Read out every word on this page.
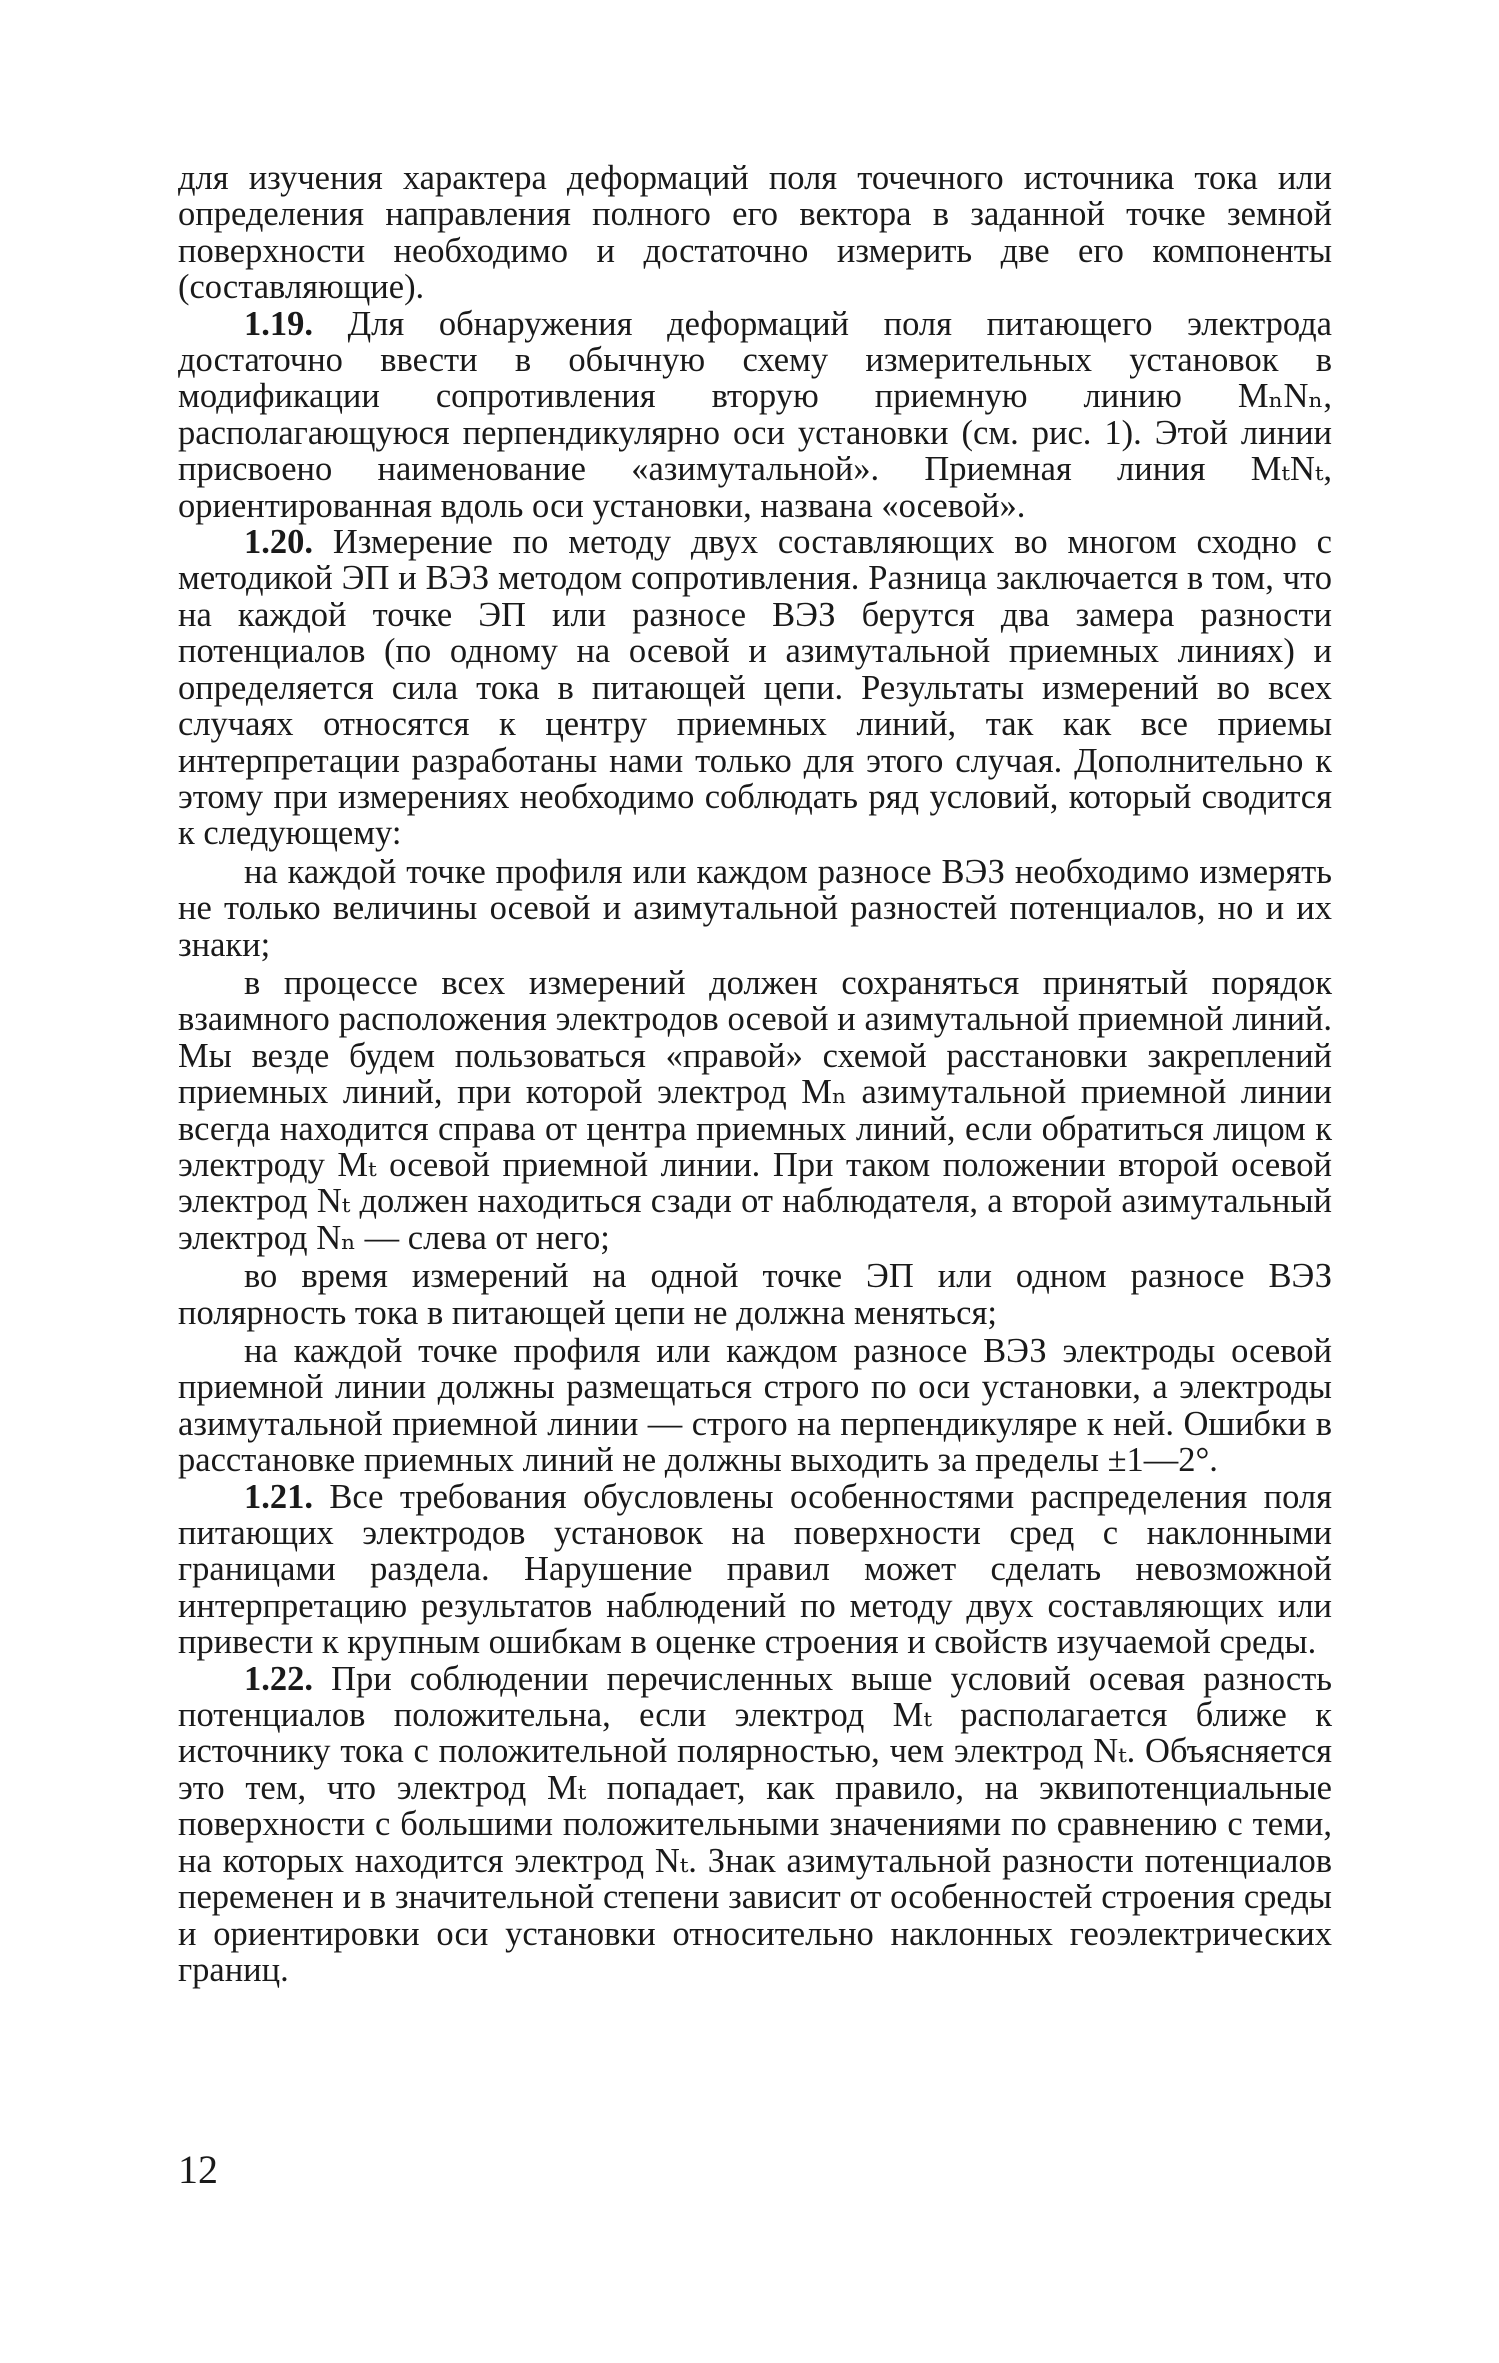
для изучения характера деформаций поля точечного источника тока или определения направления полного его вектора в заданной точке земной поверхности необходимо и достаточно измерить две его компоненты (составляющие).

1.19. Для обнаружения деформаций поля питающего электрода достаточно ввести в обычную схему измерительных установок в модификации сопротивления вторую приемную линию MₙNₙ, располагающуюся перпендикулярно оси установки (см. рис. 1). Этой линии присвоено наименование «азимутальной». Приемная линия MₜNₜ, ориентированная вдоль оси установки, названа «осевой».

1.20. Измерение по методу двух составляющих во многом сходно с методикой ЭП и ВЭЗ методом сопротивления. Разница заключается в том, что на каждой точке ЭП или разносе ВЭЗ берутся два замера разности потенциалов (по одному на осевой и азимутальной приемных линиях) и определяется сила тока в питающей цепи. Результаты измерений во всех случаях относятся к центру приемных линий, так как все приемы интерпретации разработаны нами только для этого случая. Дополнительно к этому при измерениях необходимо соблюдать ряд условий, который сводится к следующему:

на каждой точке профиля или каждом разносе ВЭЗ необходимо измерять не только величины осевой и азимутальной разностей потенциалов, но и их знаки;

в процессе всех измерений должен сохраняться принятый порядок взаимного расположения электродов осевой и азимутальной приемной линий. Мы везде будем пользоваться «правой» схемой расстановки закреплений приемных линий, при которой электрод Mₙ азимутальной приемной линии всегда находится справа от центра приемных линий, если обратиться лицом к электроду Mₜ осевой приемной линии. При таком положении второй осевой электрод Nₜ должен находиться сзади от наблюдателя, а второй азимутальный электрод Nₙ — слева от него;

во время измерений на одной точке ЭП или одном разносе ВЭЗ полярность тока в питающей цепи не должна меняться;

на каждой точке профиля или каждом разносе ВЭЗ электроды осевой приемной линии должны размещаться строго по оси установки, а электроды азимутальной приемной линии — строго на перпендикуляре к ней. Ошибки в расстановке приемных линий не должны выходить за пределы ±1—2°.

1.21. Все требования обусловлены особенностями распределения поля питающих электродов установок на поверхности сред с наклонными границами раздела. Нарушение правил может сделать невозможной интерпретацию результатов наблюдений по методу двух составляющих или привести к крупным ошибкам в оценке строения и свойств изучаемой среды.

1.22. При соблюдении перечисленных выше условий осевая разность потенциалов положительна, если электрод Mₜ располагается ближе к источнику тока с положительной полярностью, чем электрод Nₜ. Объясняется это тем, что электрод Mₜ попадает, как правило, на эквипотенциальные поверхности с большими положительными значениями по сравнению с теми, на которых находится электрод Nₜ. Знак азимутальной разности потенциалов переменен и в значительной степени зависит от особенностей строения среды и ориентировки оси установки относительно наклонных геоэлектрических границ.

12
